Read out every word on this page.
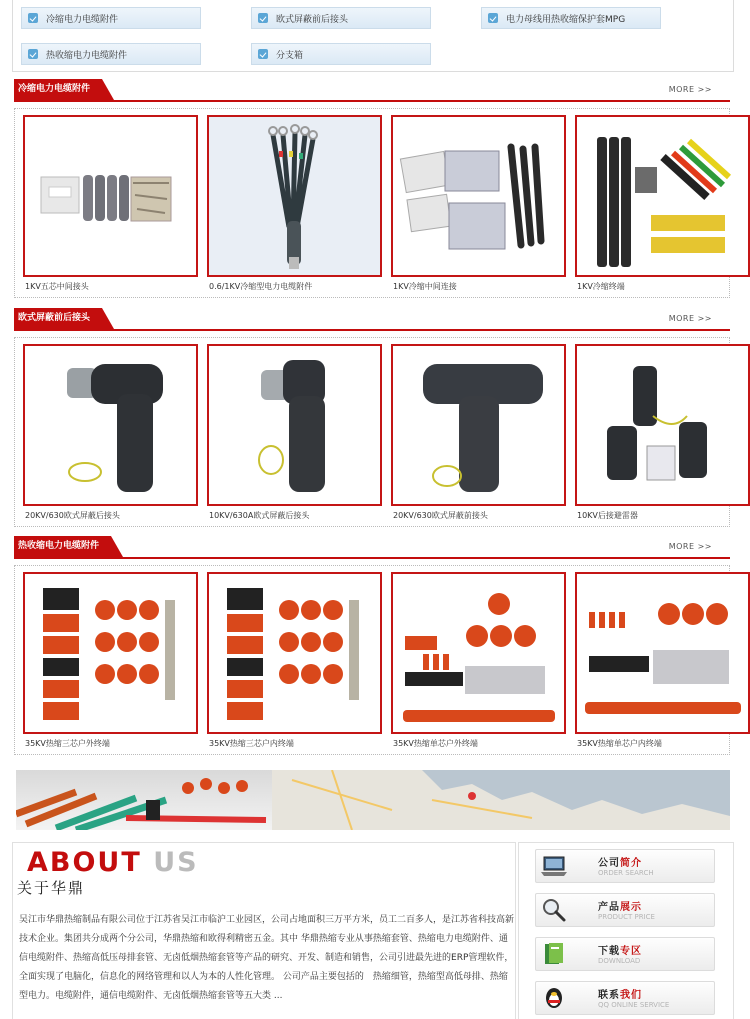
冷缩电力电缆附件	欧式屏蔽前后接头	电力母线用热收缩保护套MPG
热收缩电力电缆附件	分支箱
冷缩电力电缆附件	MORE >>
1KV五芯中间接头	0.6/1KV冷缩型电力电缆附件	1KV冷缩中间连接	1KV冷缩终端
欧式屏蔽前后接头	MORE >>
20KV/630欧式屏蔽后接头	10KV/630A欧式屏蔽后接头	20KV/630欧式屏蔽前接头	10KV后接避雷器
热收缩电力电缆附件	MORE >>
35KV热缩三芯户外终端	35KV热缩三芯户内终端	35KV热缩单芯户外终端	35KV热缩单芯户内终端
ABOUT US
关于华鼎
吴江市华鼎热缩制品有限公司位于江苏省吴江市临沪工业园区，公司占地面积三万平方米，员工二百多人，是江苏省科技高新技术企业。集团共分成两个分公司，华鼎热缩和欧得利精密五金。其中 华鼎热缩专业从事热缩套管、热缩电力电缆附件、通信电缆附件、热缩高低压母排套管、无卤低烟热缩套管等产品的研究、开发、制造和销售，公司引进最先进的ERP管理软件，全面实现了电脑化，信息化的网络管理和以人为本的人性化管理。 公司产品主要包括的　热缩细管，热缩型高低母排、热缩型电力。电缆附件，通信电缆附件、无卤低烟热缩套管等五大类 ...
公司简介
ORDER SEARCH
产品展示
PRODUCT PRICE
下载专区
DOWNLOAD
联系我们
QQ ONLINE SERVICE
